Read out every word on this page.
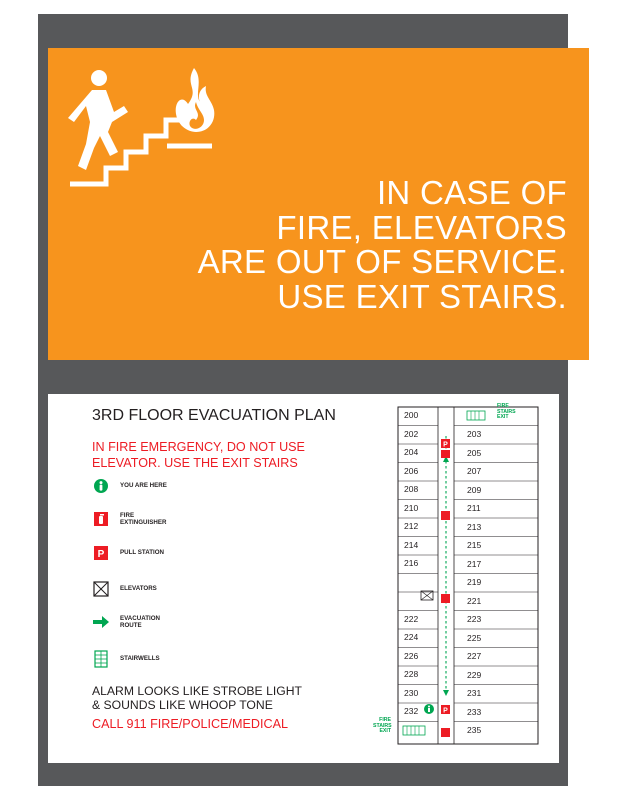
IN CASE OF
FIRE, ELEVATORS
ARE OUT OF SERVICE.
USE EXIT STAIRS.
3RD FLOOR EVACUATION PLAN
IN FIRE EMERGENCY, DO NOT USE
ELEVATOR. USE THE EXIT STAIRS
YOU ARE HERE
FIRE EXTINGUISHER
P	PULL STATION
ELEVATORS
EVACUATION ROUTE
STAIRWELLS
ALARM LOOKS LIKE STROBE LIGHT
& SOUNDS LIKE WHOOP TONE
CALL 911 FIRE/POLICE/MEDICAL
P
P
200
202
204
206
208
210
212
214
216
222
224
226
228
230
232
203
205
207
209
211
213
215
217
219
221
223
225
227
229
231
233
235
FIRE
STAIRS
EXIT
FIRE
STAIRS
EXIT
